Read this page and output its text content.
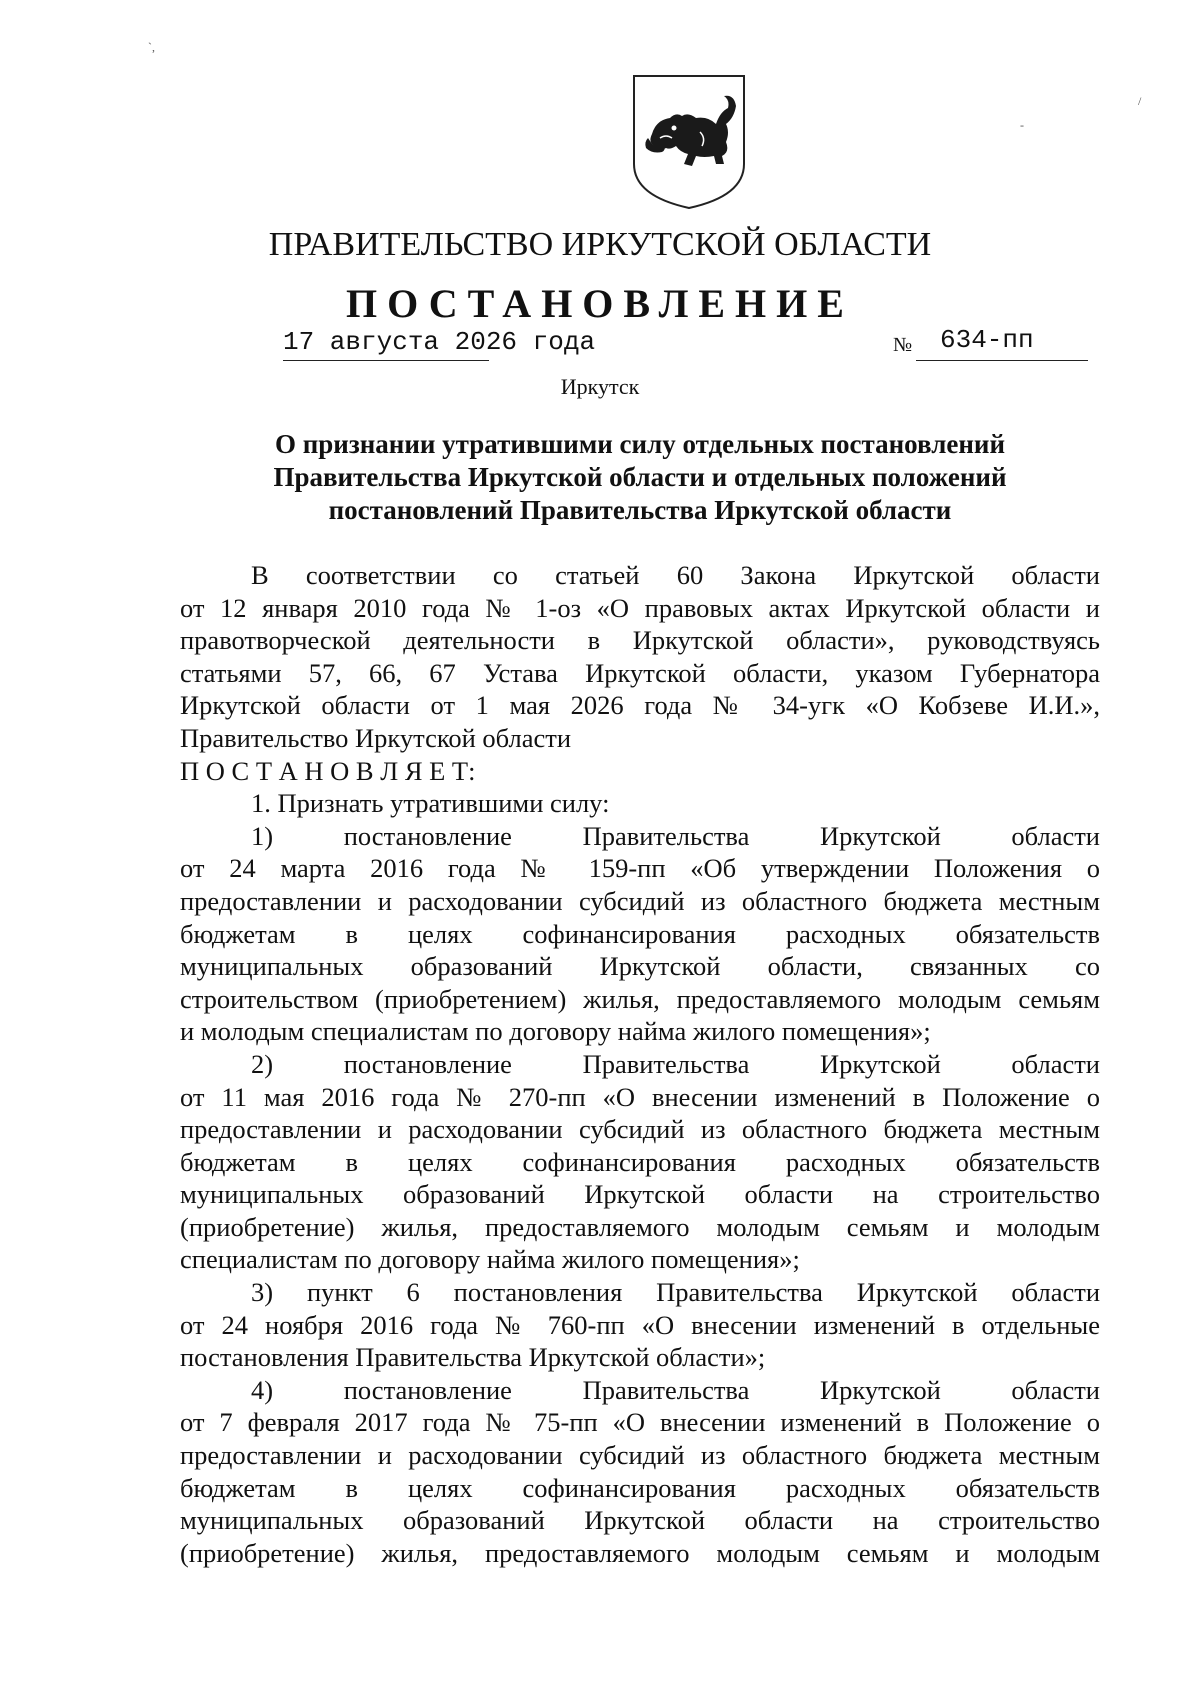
`,
/
-
ПРАВИТЕЛЬСТВО ИРКУТСКОЙ ОБЛАСТИ
ПОСТАНОВЛЕНИЕ
17 августа 2026 года	№ 634-пп
Иркутск
О признании утратившими силу отдельных постановлений
Правительства Иркутской области и отдельных положений
постановлений Правительства Иркутской области
В соответствии со статьей 60 Закона Иркутской области
от 12 января 2010 года № 1-оз «О правовых актах Иркутской области и
правотворческой деятельности в Иркутской области», руководствуясь
статьями 57, 66, 67 Устава Иркутской области, указом Губернатора
Иркутской области от 1 мая 2026 года № 34-угк «О Кобзеве И.И.»,
Правительство Иркутской области
П О С Т А Н О В Л Я Е Т:
1. Признать утратившими силу:
1) постановление Правительства Иркутской области
от 24 марта 2016 года № 159-пп «Об утверждении Положения о
предоставлении и расходовании субсидий из областного бюджета местным
бюджетам в целях софинансирования расходных обязательств
муниципальных образований Иркутской области, связанных со
строительством (приобретением) жилья, предоставляемого молодым семьям
и молодым специалистам по договору найма жилого помещения»;
2) постановление Правительства Иркутской области
от 11 мая 2016 года № 270-пп «О внесении изменений в Положение о
предоставлении и расходовании субсидий из областного бюджета местным
бюджетам в целях софинансирования расходных обязательств
муниципальных образований Иркутской области на строительство
(приобретение) жилья, предоставляемого молодым семьям и молодым
специалистам по договору найма жилого помещения»;
3) пункт 6 постановления Правительства Иркутской области
от 24 ноября 2016 года № 760-пп «О внесении изменений в отдельные
постановления Правительства Иркутской области»;
4) постановление Правительства Иркутской области
от 7 февраля 2017 года № 75-пп «О внесении изменений в Положение о
предоставлении и расходовании субсидий из областного бюджета местным
бюджетам в целях софинансирования расходных обязательств
муниципальных образований Иркутской области на строительство
(приобретение) жилья, предоставляемого молодым семьям и молодым
